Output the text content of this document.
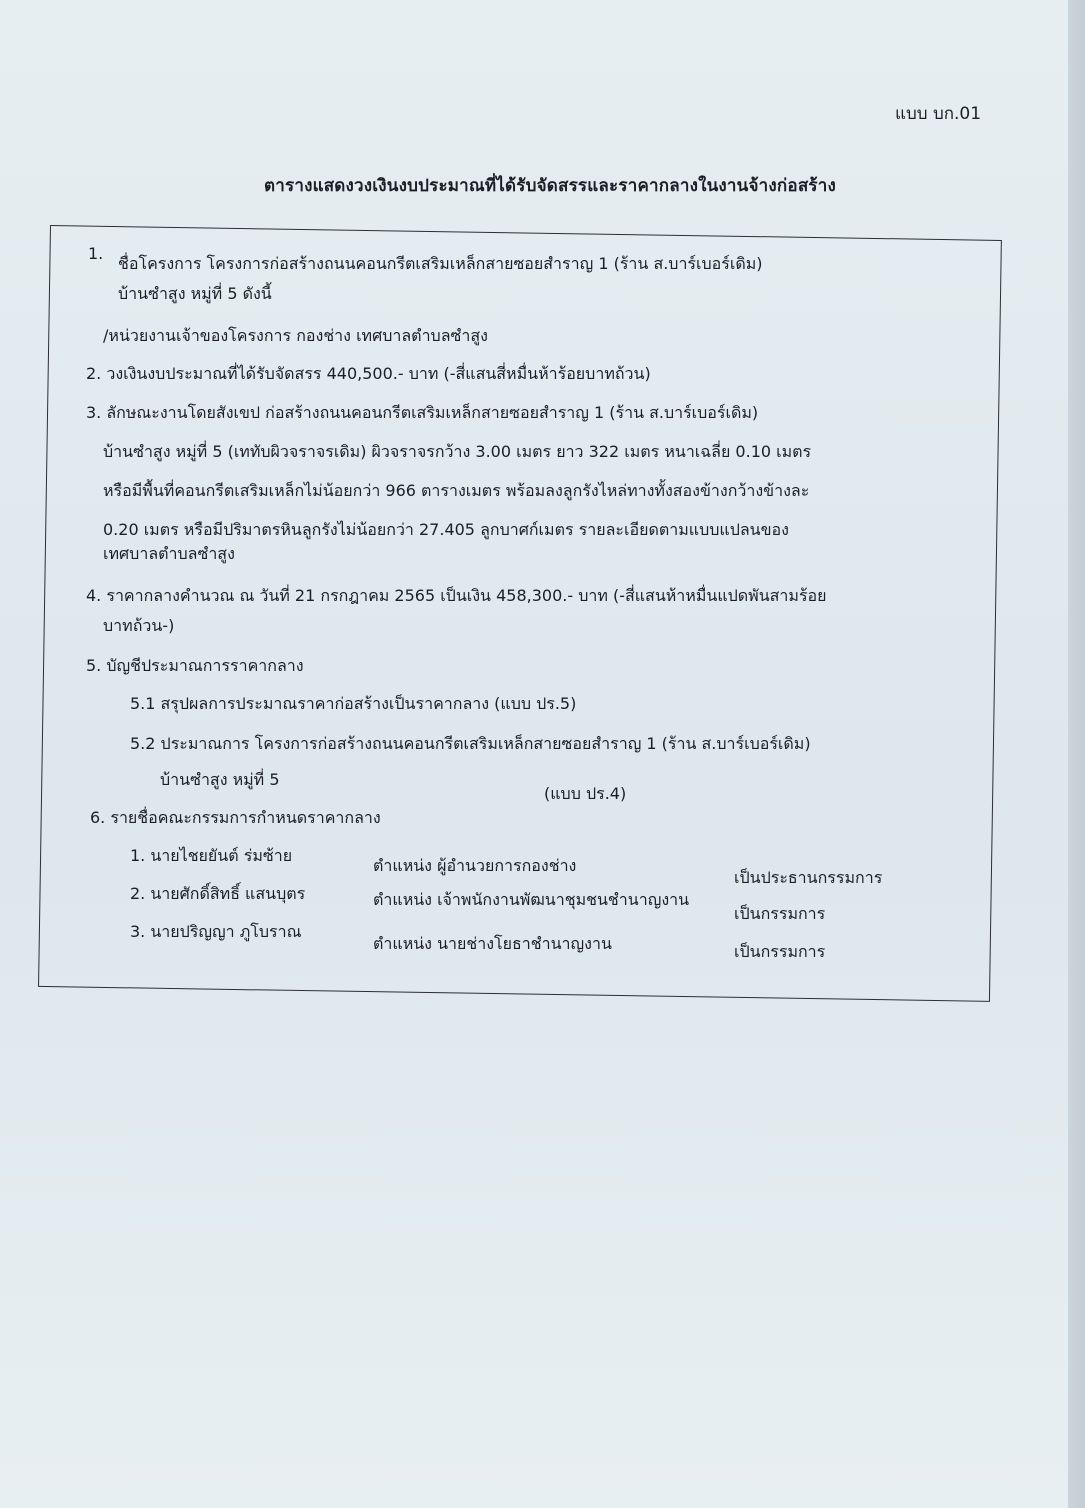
แบบ บก.01
ตารางแสดงวงเงินงบประมาณที่ได้รับจัดสรรและราคากลางในงานจ้างก่อสร้าง
1.
ชื่อโครงการ โครงการก่อสร้างถนนคอนกรีตเสริมเหล็กสายซอยสำราญ 1 (ร้าน ส.บาร์เบอร์เดิม)
บ้านซำสูง หมู่ที่ 5 ดังนี้
/หน่วยงานเจ้าของโครงการ กองช่าง เทศบาลตำบลซำสูง
2. วงเงินงบประมาณที่ได้รับจัดสรร 440,500.- บาท (-สี่แสนสี่หมื่นห้าร้อยบาทถ้วน)
3. ลักษณะงานโดยสังเขป ก่อสร้างถนนคอนกรีตเสริมเหล็กสายซอยสำราญ 1 (ร้าน ส.บาร์เบอร์เดิม)
บ้านซำสูง หมู่ที่ 5 (เททับผิวจราจรเดิม) ผิวจราจรกว้าง 3.00 เมตร ยาว 322 เมตร หนาเฉลี่ย 0.10 เมตร
หรือมีพื้นที่คอนกรีตเสริมเหล็กไม่น้อยกว่า 966 ตารางเมตร พร้อมลงลูกรังไหล่ทางทั้งสองข้างกว้างข้างละ
0.20 เมตร หรือมีปริมาตรหินลูกรังไม่น้อยกว่า 27.405 ลูกบาศก์เมตร รายละเอียดตามแบบแปลนของ
เทศบาลตำบลซำสูง
4. ราคากลางคำนวณ ณ วันที่ 21 กรกฎาคม 2565 เป็นเงิน 458,300.- บาท (-สี่แสนห้าหมื่นแปดพันสามร้อย
บาทถ้วน-)
5. บัญชีประมาณการราคากลาง
5.1 สรุปผลการประมาณราคาก่อสร้างเป็นราคากลาง (แบบ ปร.5)
5.2 ประมาณการ โครงการก่อสร้างถนนคอนกรีตเสริมเหล็กสายซอยสำราญ 1 (ร้าน ส.บาร์เบอร์เดิม)
บ้านซำสูง หมู่ที่ 5
(แบบ ปร.4)
6. รายชื่อคณะกรรมการกำหนดราคากลาง
1. นายไชยยันต์ ร่มซ้าย
ตำแหน่ง ผู้อำนวยการกองช่าง
เป็นประธานกรรมการ
2. นายศักดิ์สิทธิ์ แสนบุตร	ตำแหน่ง เจ้าพนักงานพัฒนาชุมชนชำนาญงาน
เป็นกรรมการ
3. นายปริญญา ภูโบราณ
ตำแหน่ง นายช่างโยธาชำนาญงาน	เป็นกรรมการ
